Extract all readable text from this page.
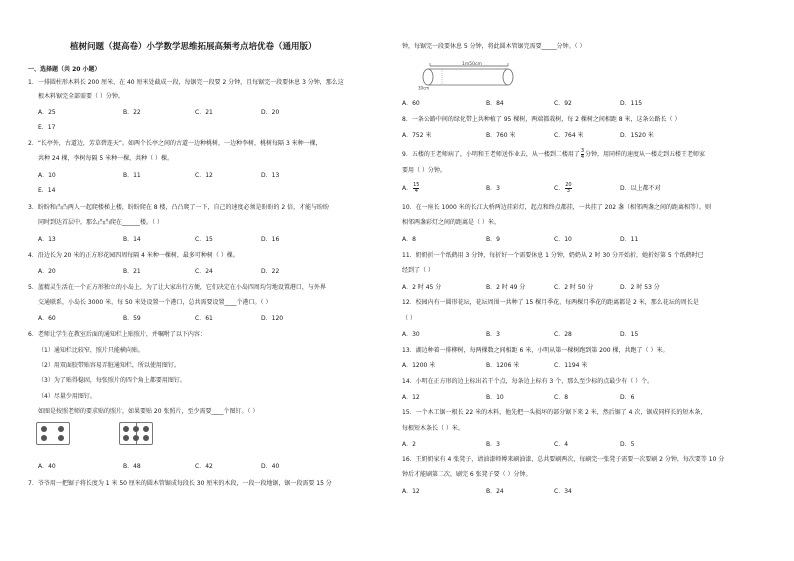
植树问题（提高卷）小学数学思维拓展高频考点培优卷（通用版）
一、选择题（共 20 小题）
1．一排圆柱形木料长 200 厘米，在 40 厘米处截成一段，每锯完一段要 2 分钟，且每锯完一段要休息 3 分钟，那么这
根木料锯完全部需要（ ）分钟。
A．25	B．22	C．21	D．20
E．17
2．“长亭外，古道边，芳草碧连天”。如两个长亭之间的古道一边种桃树，一边种李树，桃树每隔 3 米种一棵，
共种 24 棵，李树每隔 5 米种一棵，共种（ ）棵。
A．10	B．11	C．12	D．13
E．14
3．盼盼和凸凸两人一起爬楼梯上楼，盼盼爬在 8 楼，凸凸爬了一下，自己的速度必须是盼盼的 2 倍，才能与盼盼
同时到达首层中，那么凸凸爬在______楼。（ ）
A．13	B．14	C．15	D．16
4．沿边长为 20 米的正方形花园四周每隔 4 米种一棵树，最多可种树（ ）棵。
A．20	B．21	C．24	D．22
5．蓝精灵生活在一个正方形独立的小岛上，为了让大家出行方便，它们决定在小岛四周均匀地设置港口，与外界
交通联系，小岛长 3000 米，每 50 米处设置一个港口，总共需要设置____个港口。（ ）
A．60	B．59	C．61	D．120
6．老师让学生在教室后面的通知栏上贴照片，并嘱咐了以下内容：
（1）通知栏比较窄，照片只能横向贴。
（2）用双面胶带贴容易弄脏通知栏，所以使用图钉。
（3）为了贴得稳固，每张照片的四个角上都要用图钉。
（4）尽量少用图钉。
如图是按照老师的要求贴的照片，如果要贴 20 张照片，至少需要____个图钉。（ ）
A．40	B．48	C．42	D．40
7．爷爷用一把锯子将长度为 1 米 50 厘米的圆木管锯成每段长 30 厘米的木段，一段一段地锯，锯一段需要 15 分
钟，每锯完一段要休息 5 分钟，将此圆木管锯完需要_____分钟。（ ）
1m50cm
30cm
A．60	B．84	C．92	D．115
8．一条公路中间的绿化带上共种植了 95 棵树，两端都栽树，每 2 棵树之间相距 8 米，这条公路长（ ）
A．752 米	B．760 米	C．764 米	D．1520 米
9．五楼的王老师病了，小明和王老师送作业去，从一楼到二楼用了 $\frac{3}{4}$ 分钟，用同样的速度从一楼走到五楼王老师家
要用（ ）分钟。
A． $\frac{15}{4}$	B．3	C． $\frac{20}{3}$	D．以上都不对
10．在一座长 1000 米的长江大桥两边挂彩灯，起点和终点都挂，一共挂了 202 盏（相邻两盏之间的距离相等）。则
相邻两盏彩灯之间的距离是（ ）米。
A．8	B．9	C．10	D．11
11．奶奶折一个纸鹤用 3 分钟，每折好一个需要休息 1 分钟，奶奶从 2 时 30 分开始折，她折好第 5 个纸鹤时已
经到了（ ）
A．2 时 45 分	B．2 时 49 分	C．2 时 50 分	D．2 时 53 分
12．校园内有一圆形花坛，花坛周围一共种了 15 棵月季花，每两棵月季花的距离都是 2 米，那么花坛的周长是
（ ）
A．30	B．3	C．28	D．15
13．湖边种着一排柳树，每两棵数之间相距 6 米，小明从第一棵树跑到第 200 棵，共跑了（ ）米。
A．1200 米	B．1206 米	C．1194 米
14．小明在正方形的边上标出若干个点，每条边上标有 3 个，那么至少标的点最少有（ ）个。
A．12	B．10	C．8	D．6
15．一个木工锯一根长 22 米的木料，他先把一头损坏的部分锯下来 2 米，然后锯了 4 次，锯成同样长的短木条，
每根短木条长（ ）米。
A．2	B．3	C．4	D．5
16．王奶奶家有 4 张凳子，请油漆师傅来刷油漆，总共要刷两次，每刷完一张凳子需要一次要刷 2 分钟，每次要等 10 分
钟后才能刷第二次，刷完 6 张凳子要（ ）分钟。
A．12	B．24	C．34
